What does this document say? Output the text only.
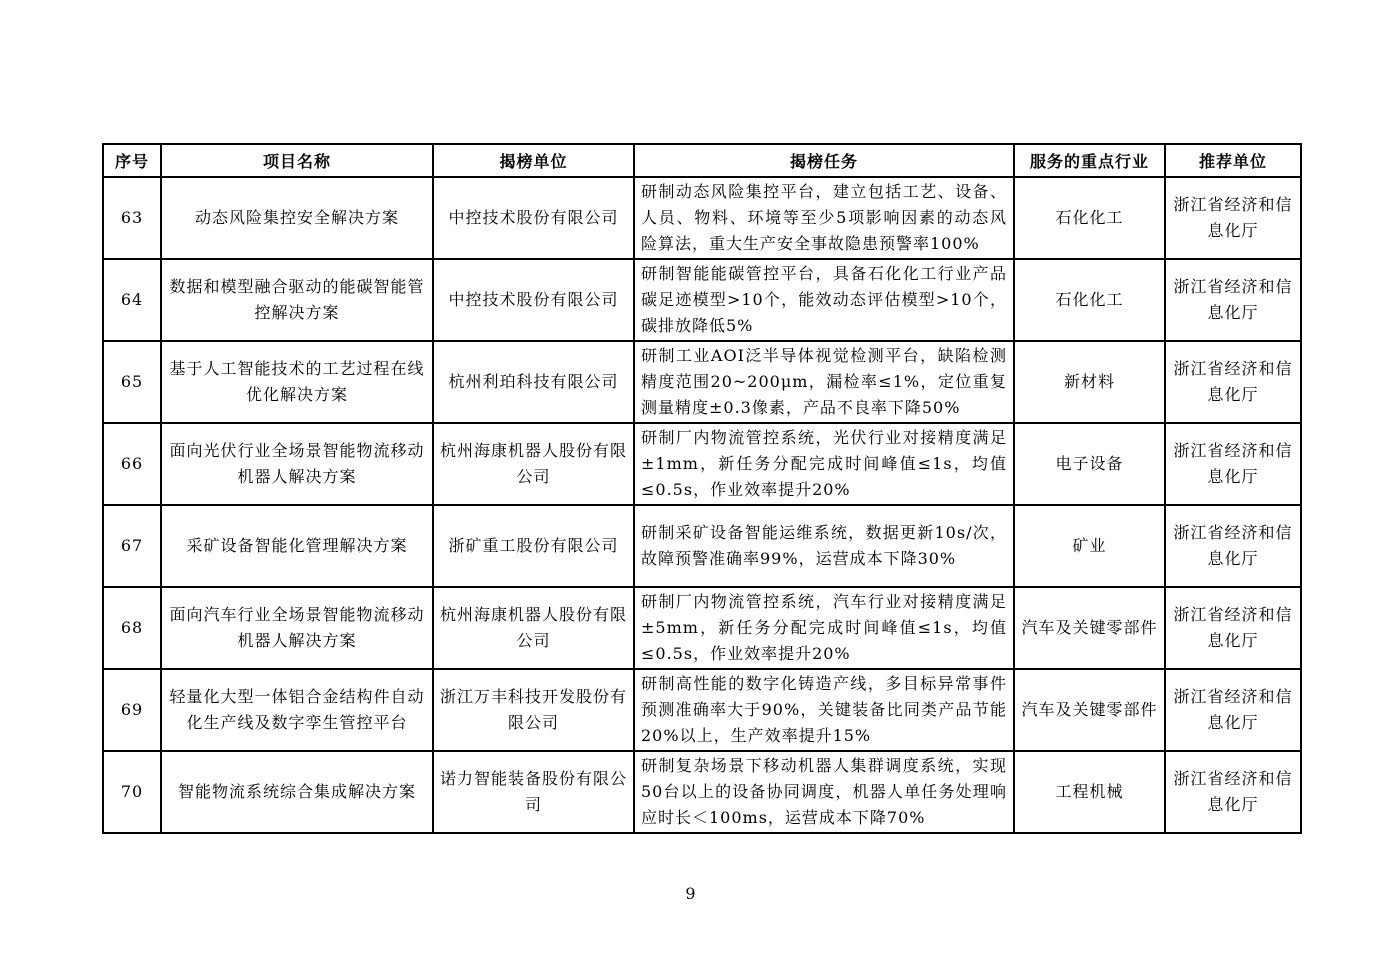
序号	项目名称	揭榜单位	揭榜任务	服务的重点行业	推荐单位
63	动态风险集控安全解决方案	中控技术股份有限公司	研制动态风险集控平台，建立包括工艺、设备、人员、物料、环境等至少5项影响因素的动态风险算法，重大生产安全事故隐患预警率100%	石化化工	浙江省经济和信息化厅
64	数据和模型融合驱动的能碳智能管控解决方案	中控技术股份有限公司	研制智能能碳管控平台，具备石化化工行业产品碳足迹模型>10个，能效动态评估模型>10个，碳排放降低5%	石化化工	浙江省经济和信息化厅
65	基于人工智能技术的工艺过程在线优化解决方案	杭州利珀科技有限公司	研制工业AOI泛半导体视觉检测平台，缺陷检测精度范围20~200μm，漏检率≤1%，定位重复测量精度±0.3像素，产品不良率下降50%	新材料	浙江省经济和信息化厅
66	面向光伏行业全场景智能物流移动机器人解决方案	杭州海康机器人股份有限公司	研制厂内物流管控系统，光伏行业对接精度满足±1mm，新任务分配完成时间峰值≤1s，均值≤0.5s，作业效率提升20%	电子设备	浙江省经济和信息化厅
67	采矿设备智能化管理解决方案	浙矿重工股份有限公司	研制采矿设备智能运维系统，数据更新10s/次，故障预警准确率99%，运营成本下降30%	矿业	浙江省经济和信息化厅
68	面向汽车行业全场景智能物流移动机器人解决方案	杭州海康机器人股份有限公司	研制厂内物流管控系统，汽车行业对接精度满足±5mm，新任务分配完成时间峰值≤1s，均值≤0.5s，作业效率提升20%	汽车及关键零部件	浙江省经济和信息化厅
69	轻量化大型一体铝合金结构件自动化生产线及数字孪生管控平台	浙江万丰科技开发股份有限公司	研制高性能的数字化铸造产线，多目标异常事件预测准确率大于90%，关键装备比同类产品节能20%以上，生产效率提升15%	汽车及关键零部件	浙江省经济和信息化厅
70	智能物流系统综合集成解决方案	诺力智能装备股份有限公司	研制复杂场景下移动机器人集群调度系统，实现50台以上的设备协同调度，机器人单任务处理响应时长＜100ms，运营成本下降70%	工程机械	浙江省经济和信息化厅
9
